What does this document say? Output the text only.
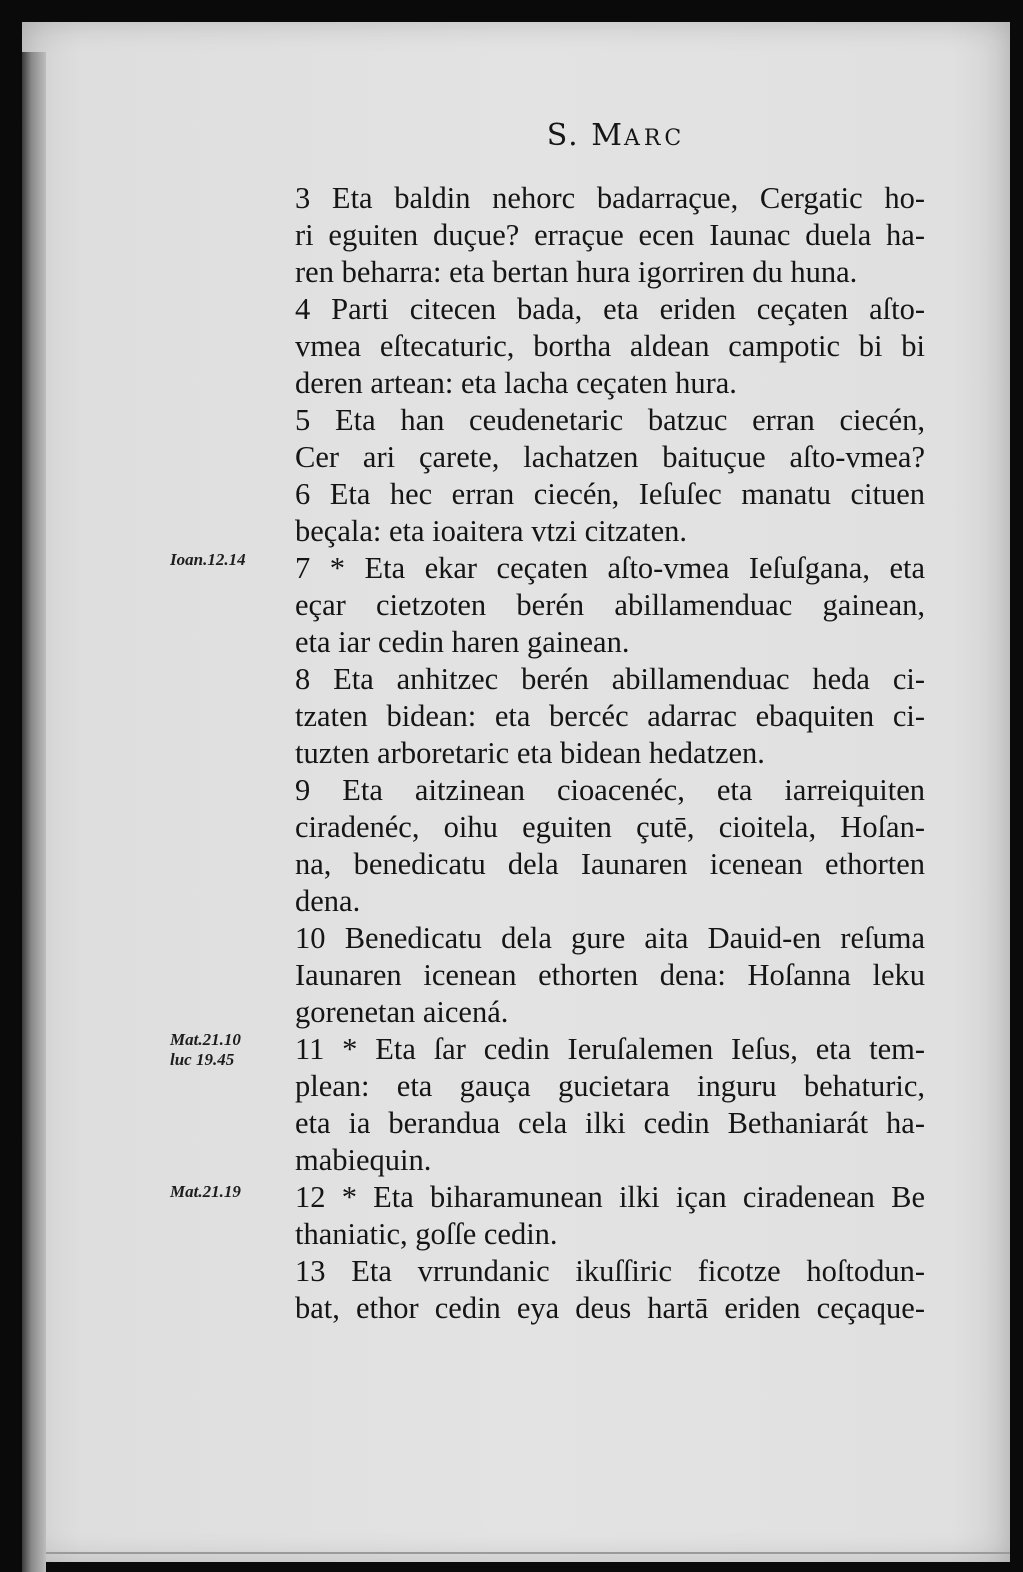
S. MARC
Ioan.12.14
Mat.21.10
luc 19.45
Mat.21.19
3 Eta baldin nehorc badarraçue, Cergatic ho-
ri eguiten duçue? erraçue ecen Iaunac duela ha-
ren beharra: eta bertan hura igorriren du huna.
4 Parti citecen bada, eta eriden ceçaten aſto-
vmea eſtecaturic, bortha aldean campotic bi bi
deren artean: eta lacha ceçaten hura.
5 Eta han ceudenetaric batzuc erran ciecén,
Cer ari çarete, lachatzen baituçue aſto-vmea?
6 Eta hec erran ciecén, Ieſuſec manatu cituen
beçala: eta ioaitera vtzi citzaten.
7 * Eta ekar ceçaten aſto-vmea Ieſuſgana, eta
eçar cietzoten berén abillamenduac gainean,
eta iar cedin haren gainean.
8 Eta anhitzec berén abillamenduac heda ci-
tzaten bidean: eta bercéc adarrac ebaquiten ci-
tuzten arboretaric eta bidean hedatzen.
9 Eta aitzinean cioacenéc, eta iarreiquiten
ciradenéc, oihu eguiten çutē, cioitela, Hoſan-
na, benedicatu dela Iaunaren icenean ethorten
dena.
10 Benedicatu dela gure aita Dauid-en reſuma
Iaunaren icenean ethorten dena: Hoſanna leku
gorenetan aicená.
11 * Eta ſar cedin Ieruſalemen Ieſus, eta tem-
plean: eta gauça gucietara inguru behaturic,
eta ia berandua cela ilki cedin Bethaniarát ha-
mabiequin.
12 * Eta biharamunean ilki içan ciradenean Be
thaniatic, goſſe cedin.
13 Eta vrrundanic ikuſſiric ficotze hoſtodun-
bat, ethor cedin eya deus hartā eriden ceçaque-
